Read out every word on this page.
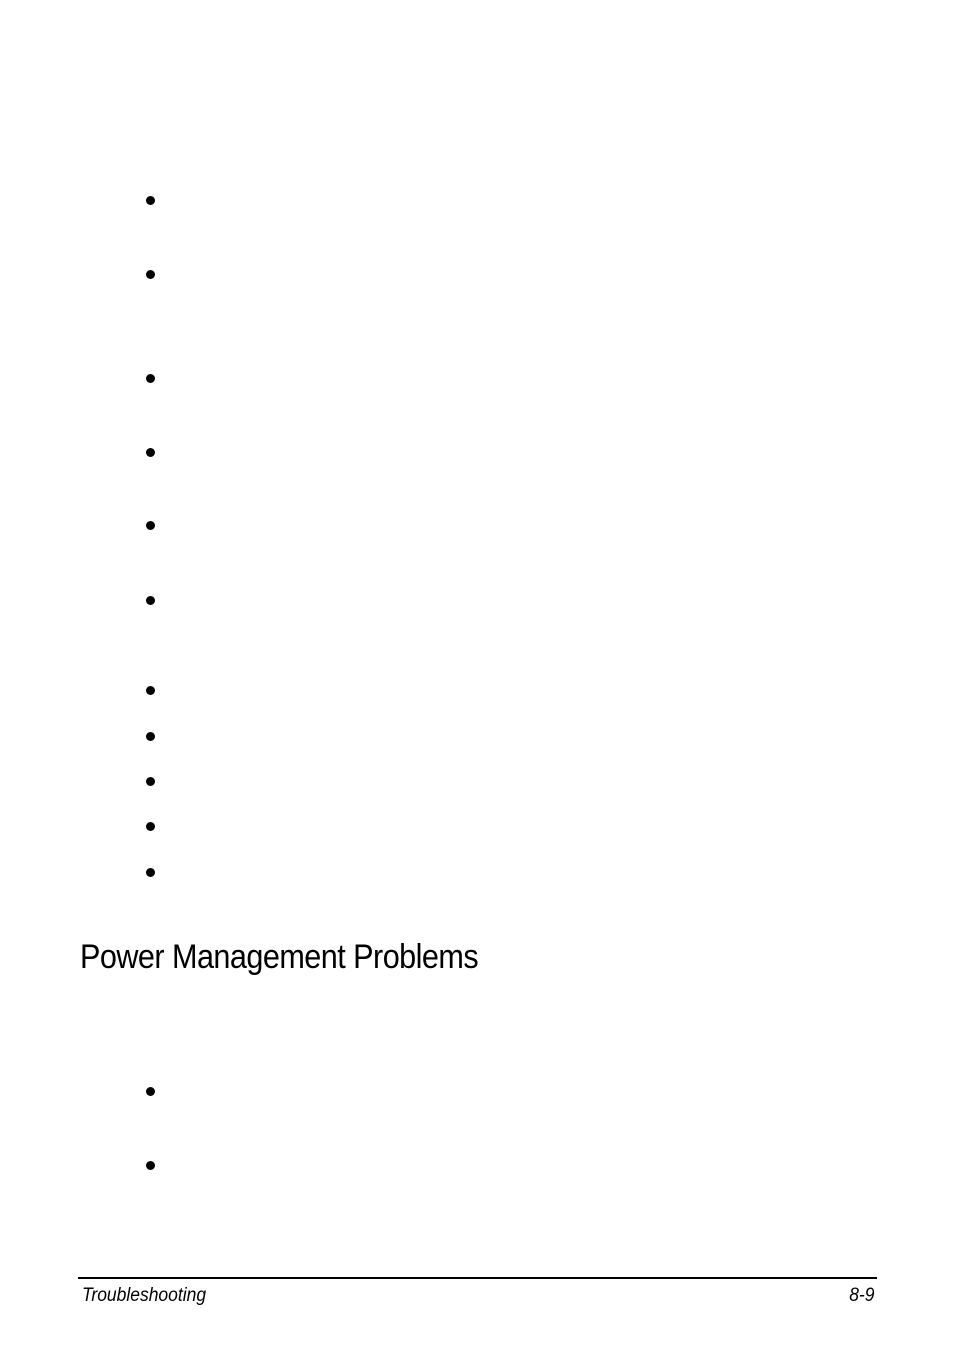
Power Management Problems
Troubleshooting	8-9
